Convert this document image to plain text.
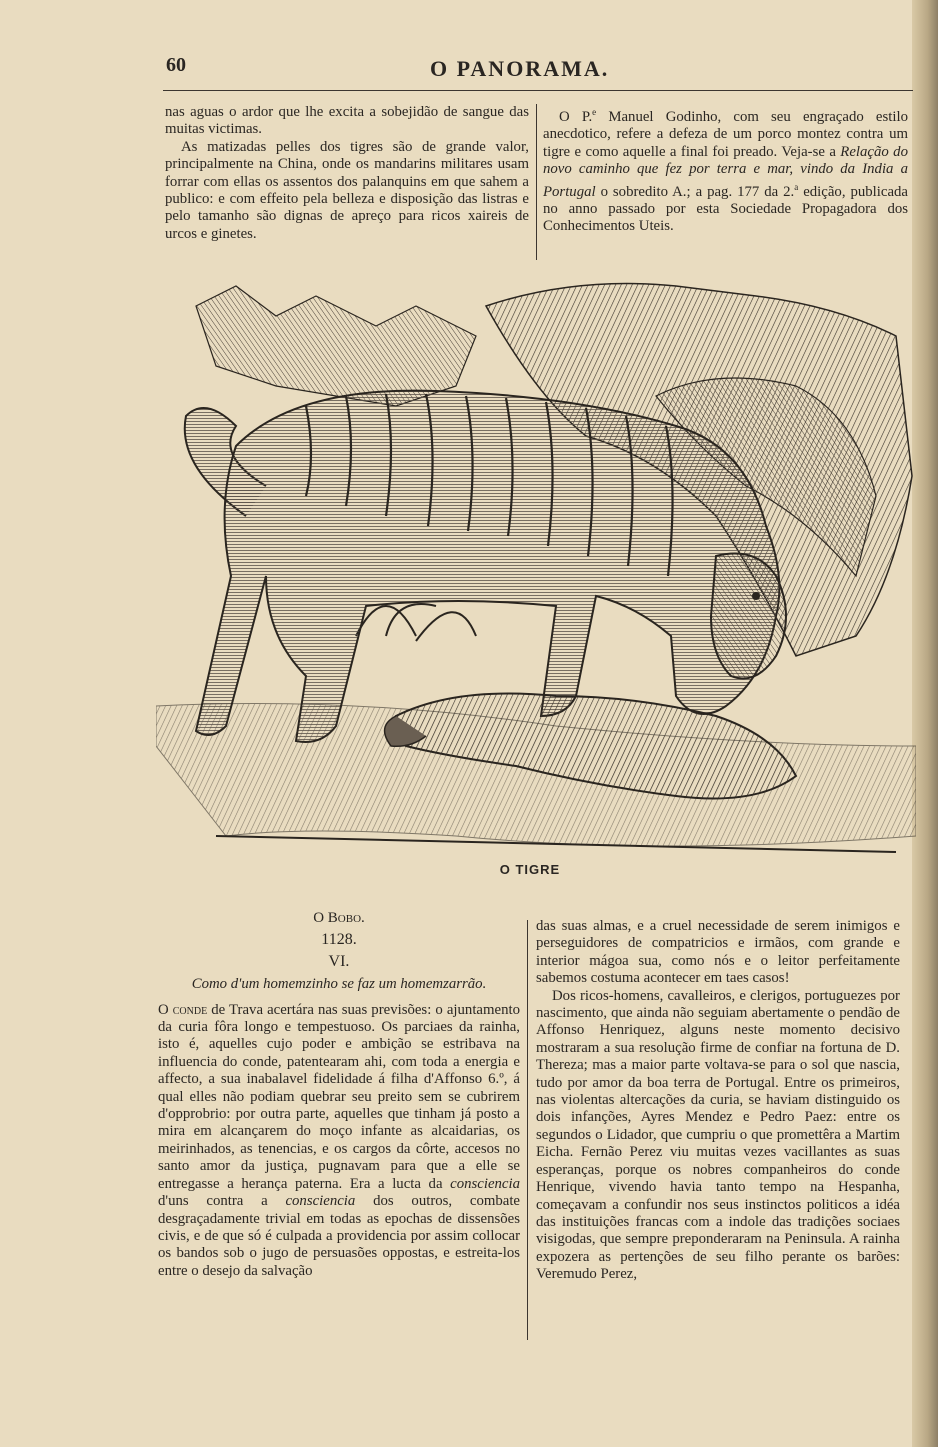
60	O PANORAMA.

nas aguas o ardor que lhe excita a sobejidão de sangue das muitas victimas.

As matizadas pelles dos tigres são de grande valor, principalmente na China, onde os mandarins militares usam forrar com ellas os assentos dos palanquins em que sahem a publico: e com effeito pela belleza e disposição das listras e pelo tamanho são dignas de apreço para ricos xaireis de urcos e ginetes.

O P.$^e$ Manuel Godinho, com seu engraçado estilo anecdotico, refere a defeza de um porco montez contra um tigre e como aquelle a final foi preado. Veja-se a Relação do novo caminho que fez por terra e mar, vindo da India a Portugal o sobredito A.; a pag. 177 da 2.$^a$ edição, publicada no anno passado por esta Sociedade Propagadora dos Conhecimentos Uteis.

O TIGRE

O Bobo.

1128.

VI.

Como d'um homemzinho se faz um homemzarrão.

O conde de Trava acertára nas suas previsões: o ajuntamento da curia fôra longo e tempestuoso. Os parciaes da rainha, isto é, aquelles cujo poder e ambição se estribava na influencia do conde, patentearam ahi, com toda a energia e affecto, a sua inabalavel fidelidade á filha d'Affonso 6.º, á qual elles não podiam quebrar seu preito sem se cubrirem d'opprobrio: por outra parte, aquelles que tinham já posto a mira em alcançarem do moço infante as alcaidarias, os meirinhados, as tenencias, e os cargos da côrte, accesos no santo amor da justiça, pugnavam para que a elle se entregasse a herança paterna. Era a lucta da consciencia d'uns contra a consciencia dos outros, combate desgraçadamente trivial em todas as epochas de dissensões civis, e de que só é culpada a providencia por assim collocar os bandos sob o jugo de persuasões oppostas, e estreita-los entre o desejo da salvação

das suas almas, e a cruel necessidade de serem inimigos e perseguidores de compatricios e irmãos, com grande e interior mágoa sua, como nós e o leitor perfeitamente sabemos costuma acontecer em taes casos!

Dos ricos-homens, cavalleiros, e clerigos, portuguezes por nascimento, que ainda não seguiam abertamente o pendão de Affonso Henriquez, alguns neste momento decisivo mostraram a sua resolução firme de confiar na fortuna de D. Thereza; mas a maior parte voltava-se para o sol que nascia, tudo por amor da boa terra de Portugal. Entre os primeiros, nas violentas altercações da curia, se haviam distinguido os dois infanções, Ayres Mendez e Pedro Paez: entre os segundos o Lidador, que cumpriu o que promettêra a Martim Eicha. Fernão Perez viu muitas vezes vacillantes as suas esperanças, porque os nobres companheiros do conde Henrique, vivendo havia tanto tempo na Hespanha, começavam a confundir nos seus instinctos politicos a idéa das instituições francas com a indole das tradições sociaes visigodas, que sempre preponderaram na Peninsula. A rainha expozera as pertenções de seu filho perante os barões: Veremudo Perez,
